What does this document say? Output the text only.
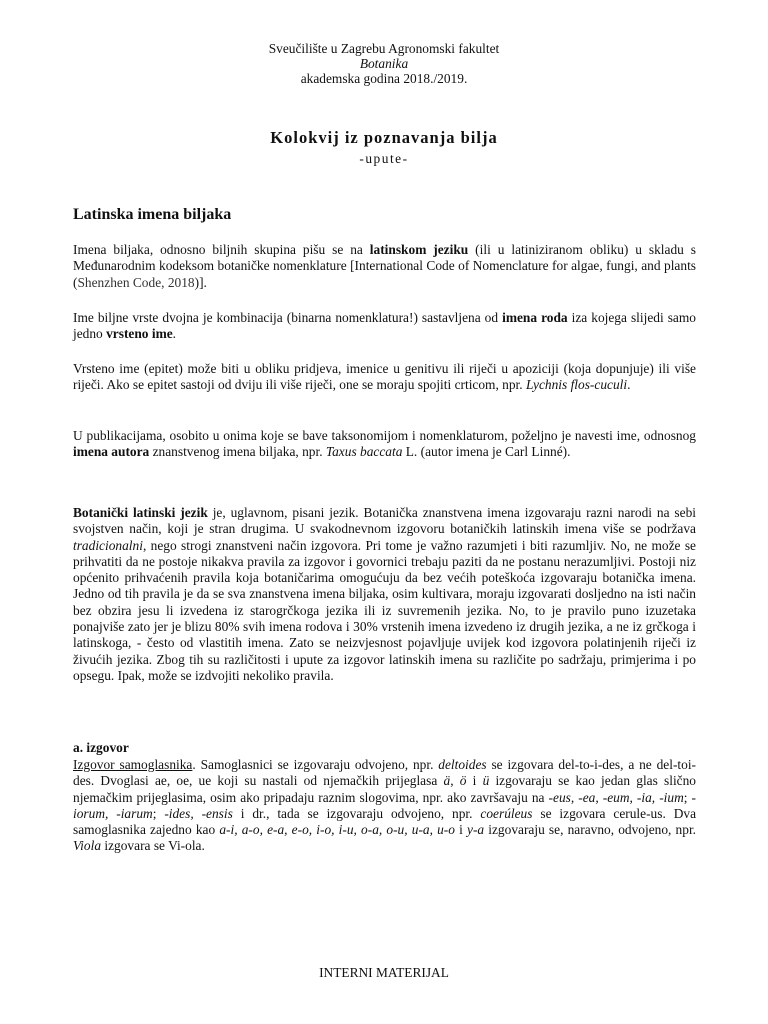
Sveučilište u Zagrebu Agronomski fakultet
Botanika
akademska godina 2018./2019.
Kolokvij iz poznavanja bilja
-upute-
Latinska imena biljaka

Imena biljaka, odnosno biljnih skupina pišu se na latinskom jeziku (ili u latiniziranom obliku) u skladu s Međunarodnim kodeksom botaničke nomenklature [International Code of Nomenclature for algae, fungi, and plants (Shenzhen Code, 2018)].

Ime biljne vrste dvojna je kombinacija (binarna nomenklatura!) sastavljena od imena roda iza kojega slijedi samo jedno vrsteno ime.

Vrsteno ime (epitet) može biti u obliku pridjeva, imenice u genitivu ili riječi u apoziciji (koja dopunjuje) ili više riječi. Ako se epitet sastoji od dviju ili više riječi, one se moraju spojiti crticom, npr. Lychnis flos-cuculi.

U publikacijama, osobito u onima koje se bave taksonomijom i nomenklaturom, poželjno je navesti ime, odnosnog imena autora znanstvenog imena biljaka, npr. Taxus baccata L. (autor imena je Carl Linné).

Botanički latinski jezik je, uglavnom, pisani jezik. Botanička znanstvena imena izgovaraju razni narodi na sebi svojstven način, koji je stran drugima. U svakodnevnom izgovoru botaničkih latinskih imena više se podržava tradicionalni, nego strogi znanstveni način izgovora. Pri tome je važno razumjeti i biti razumljiv. No, ne može se prihvatiti da ne postoje nikakva pravila za izgovor i govornici trebaju paziti da ne postanu nerazumljivi. Postoji niz općenito prihvaćenih pravila koja botaničarima omogućuju da bez većih poteškoća izgovaraju botanička imena. Jedno od tih pravila je da se sva znanstvena imena biljaka, osim kultivara, moraju izgovarati dosljedno na isti način bez obzira jesu li izvedena iz starogrčkoga jezika ili iz suvremenih jezika. No, to je pravilo puno izuzetaka ponajviše zato jer je blizu 80% svih imena rodova i 30% vrstenih imena izvedeno iz drugih jezika, a ne iz grčkoga i latinskoga, - često od vlastitih imena. Zato se neizvjesnost pojavljuje uvijek kod izgovora polatinjenih riječi iz živućih jezika. Zbog tih su različitosti i upute za izgovor latinskih imena su različite po sadržaju, primjerima i po opsegu. Ipak, može se izdvojiti nekoliko pravila.

a. izgovor

Izgovor samoglasnika. Samoglasnici se izgovaraju odvojeno, npr. deltoides se izgovara del-to-i-des, a ne del-toi-des. Dvoglasi ae, oe, ue koji su nastali od njemačkih prijeglasa ä, ö i ü izgovaraju se kao jedan glas slično njemačkim prijeglasima, osim ako pripadaju raznim slogovima, npr. ako završavaju na -eus, -ea, -eum, -ia, -ium; -iorum, -iarum; -ides, -ensis i dr., tada se izgovaraju odvojeno, npr. coerúleus se izgovara cerule-us. Dva samoglasnika zajedno kao a-i, a-o, e-a, e-o, i-o, i-u, o-a, o-u, u-a, u-o i y-a izgovaraju se, naravno, odvojeno, npr. Viola izgovara se Vi-ola.

INTERNI MATERIJAL
